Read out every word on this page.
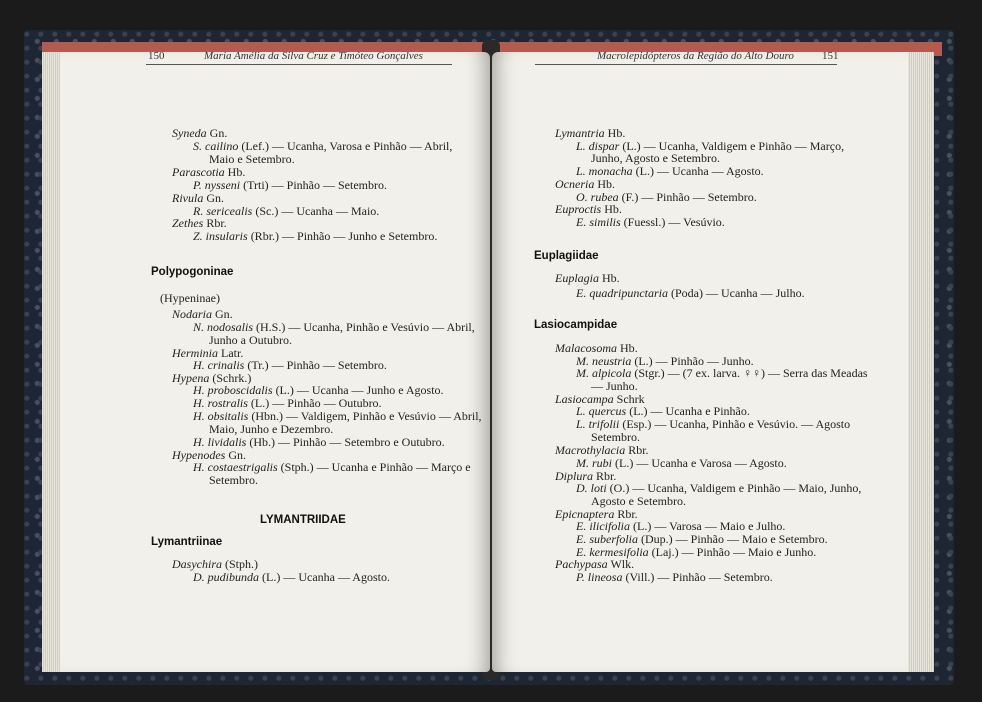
150	Maria Amélia da Silva Cruz e Timóteo Gonçalves	Macrolepidópteros da Região do Alto Douro	151
Syneda Gn.
S. cailino (Lef.) — Ucanha, Varosa e Pinhão — Abril,
Maio e Setembro.
Parascotia Hb.
P. nysseni (Trti) — Pinhão — Setembro.
Rivula Gn.
R. sericealis (Sc.) — Ucanha — Maio.
Zethes Rbr.
Z. insularis (Rbr.) — Pinhão — Junho e Setembro.
Polypogoninae
(Hypeninae)
Nodaria Gn.
N. nodosalis (H.S.) — Ucanha, Pinhão e Vesúvio — Abril,
Junho a Outubro.
Herminia Latr.
H. crinalis (Tr.) — Pinhão — Setembro.
Hypena (Schrk.)
H. proboscidalis (L.) — Ucanha — Junho e Agosto.
H. rostralis (L.) — Pinhão — Outubro.
H. obsitalis (Hbn.) — Valdigem, Pinhão e Vesúvio — Abril,
Maio, Junho e Dezembro.
H. lividalis (Hb.) — Pinhão — Setembro e Outubro.
Hypenodes Gn.
H. costaestrigalis (Stph.) — Ucanha e Pinhão — Março e
Setembro.
LYMANTRIIDAE
Lymantriinae
Dasychira (Stph.)
D. pudibunda (L.) — Ucanha — Agosto.
Lymantria Hb.
L. dispar (L.) — Ucanha, Valdigem e Pinhão — Março,
Junho, Agosto e Setembro.
L. monacha (L.) — Ucanha — Agosto.
Ocneria Hb.
O. rubea (F.) — Pinhão — Setembro.
Euproctis Hb.
E. similis (Fuessl.) — Vesúvio.
Euplagiidae
Euplagia Hb.
E. quadripunctaria (Poda) — Ucanha — Julho.
Lasiocampidae
Malacosoma Hb.
M. neustria (L.) — Pinhão — Junho.
M. alpicola (Stgr.) — (7 ex. larva. ♀♀) — Serra das Meadas
— Junho.
Lasiocampa Schrk
L. quercus (L.) — Ucanha e Pinhão.
L. trifolii (Esp.) — Ucanha, Pinhão e Vesúvio. — Agosto
Setembro.
Macrothylacia Rbr.
M. rubi (L.) — Ucanha e Varosa — Agosto.
Diplura Rbr.
D. loti (O.) — Ucanha, Valdigem e Pinhão — Maio, Junho,
Agosto e Setembro.
Epicnaptera Rbr.
E. ilicifolia (L.) — Varosa — Maio e Julho.
E. suberfolia (Dup.) — Pinhão — Maio e Setembro.
E. kermesifolia (Laj.) — Pinhão — Maio e Junho.
Pachypasa Wlk.
P. lineosa (Vill.) — Pinhão — Setembro.
